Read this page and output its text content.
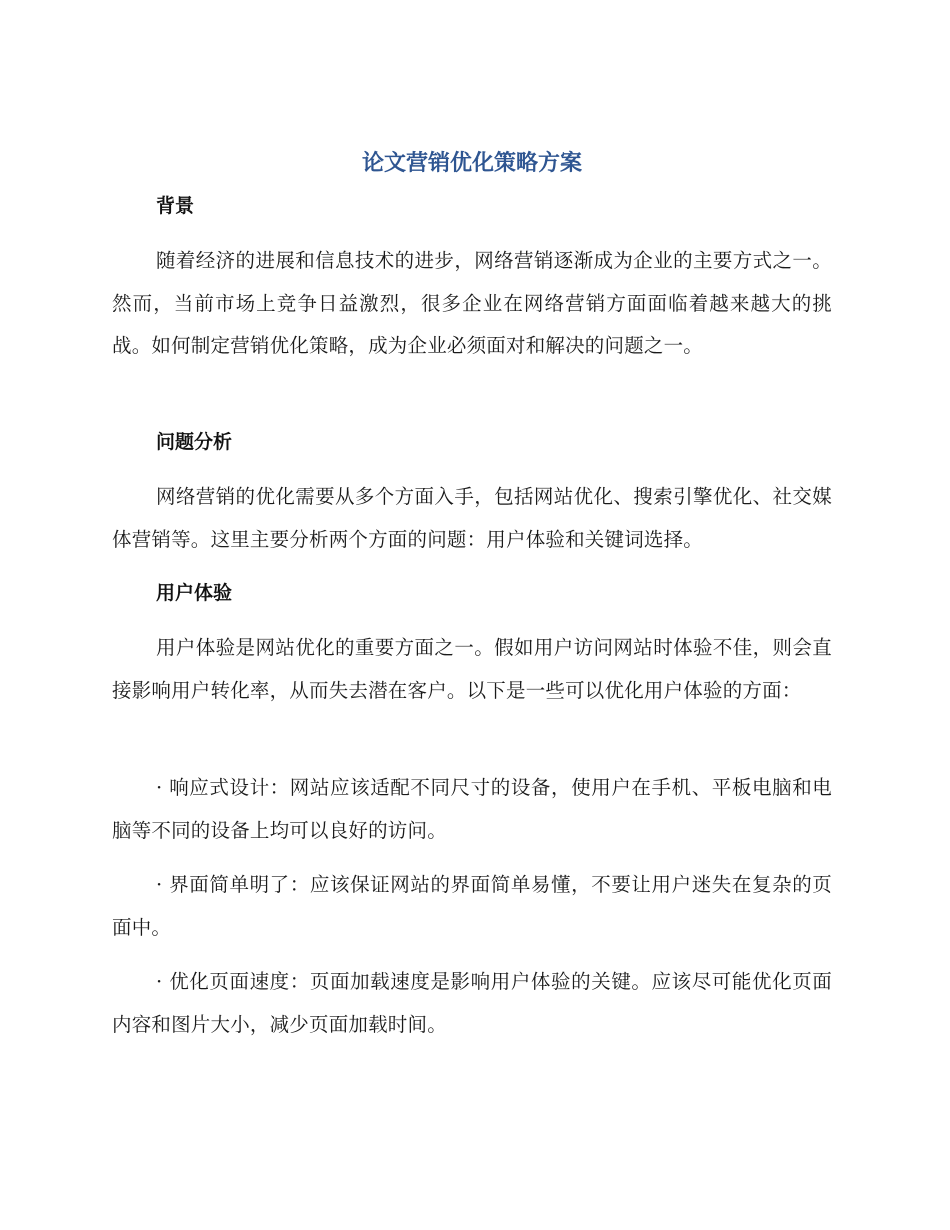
论文营销优化策略方案
背景

随着经济的进展和信息技术的进步，网络营销逐渐成为企业的主要方式之一。然而，当前市场上竞争日益激烈，很多企业在网络营销方面面临着越来越大的挑战。如何制定营销优化策略，成为企业必须面对和解决的问题之一。

问题分析

网络营销的优化需要从多个方面入手，包括网站优化、搜索引擎优化、社交媒体营销等。这里主要分析两个方面的问题：用户体验和关键词选择。

用户体验

用户体验是网站优化的重要方面之一。假如用户访问网站时体验不佳，则会直接影响用户转化率，从而失去潜在客户。以下是一些可以优化用户体验的方面：

· 响应式设计：网站应该适配不同尺寸的设备，使用户在手机、平板电脑和电脑等不同的设备上均可以良好的访问。

· 界面简单明了：应该保证网站的界面简单易懂，不要让用户迷失在复杂的页面中。

· 优化页面速度：页面加载速度是影响用户体验的关键。应该尽可能优化页面内容和图片大小，减少页面加载时间。
